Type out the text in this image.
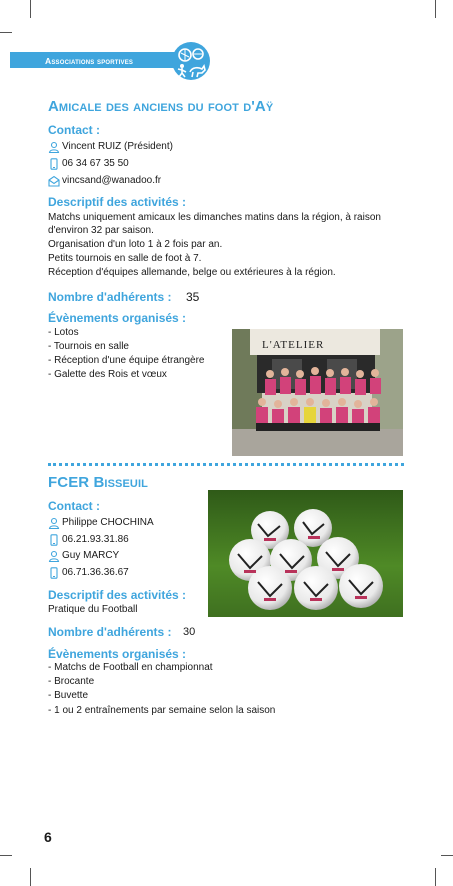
Associations sportives
Amicale des anciens du foot d'Aÿ
Contact :
Vincent RUIZ (Président)
06 34 67 35 50
vincsand@wanadoo.fr
Descriptif des activités :
Matchs uniquement amicaux les dimanches matins dans la région, à raison
d'environ 32 par saison.
Organisation d'un loto 1 à 2 fois par an.
Petits tournois en salle de foot à 7.
Réception d'équipes allemande, belge ou extérieures à la région.
Nombre d'adhérents : 35
Évènements organisés :
- Lotos
- Tournois en salle
- Réception d'une équipe étrangère
- Galette des Rois et vœux
L'ATELIER
FCER Bisseuil
Contact :
Philippe CHOCHINA
06.21.93.31.86
Guy MARCY
06.71.36.36.67
Descriptif des activités :
Pratique du Football
Nombre d'adhérents : 30
Évènements organisés :
- Matchs de Football en championnat
- Brocante
- Buvette
- 1 ou 2 entraînements par semaine selon la saison
6
